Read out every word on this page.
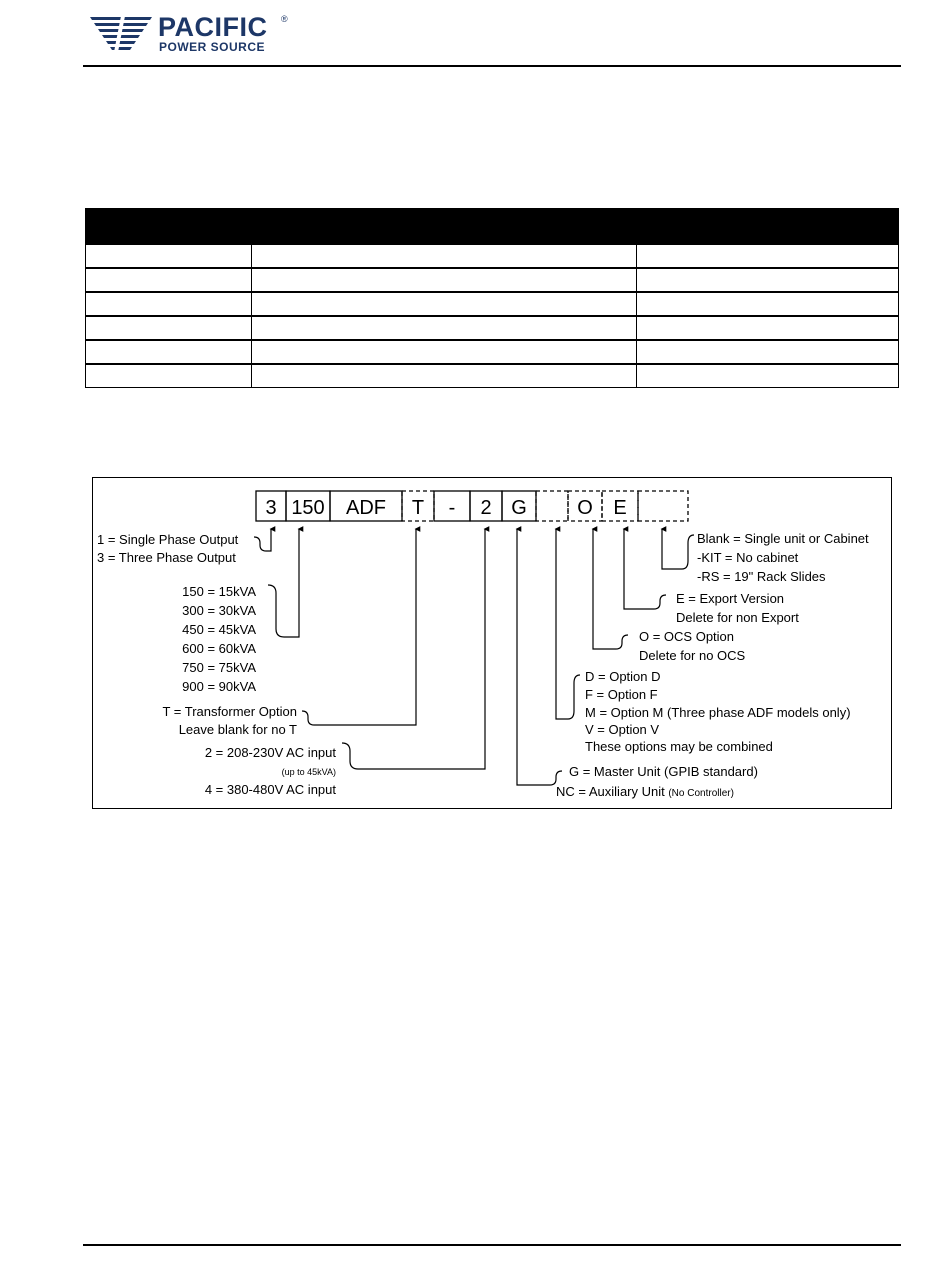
PACIFIC ®
POWER SOURCE

3 150 ADF T - 2 G	O E
1 = Single Phase Output
3 = Three Phase Output
150 = 15kVA
300 = 30kVA
450 = 45kVA
600 = 60kVA
750 = 75kVA
900 = 90kVA
T = Transformer Option
Leave blank for no T
2 = 208-230V AC input
(up to 45kVA)
4 = 380-480V AC input
G = Master Unit (GPIB standard)
NC = Auxiliary Unit (No Controller)
D = Option D
F = Option F
M = Option M (Three phase ADF models only)
V = Option V
These options may be combined
O = OCS Option
Delete for no OCS
E = Export Version
Delete for non Export
Blank = Single unit or Cabinet
-KIT = No cabinet
-RS = 19" Rack Slides
